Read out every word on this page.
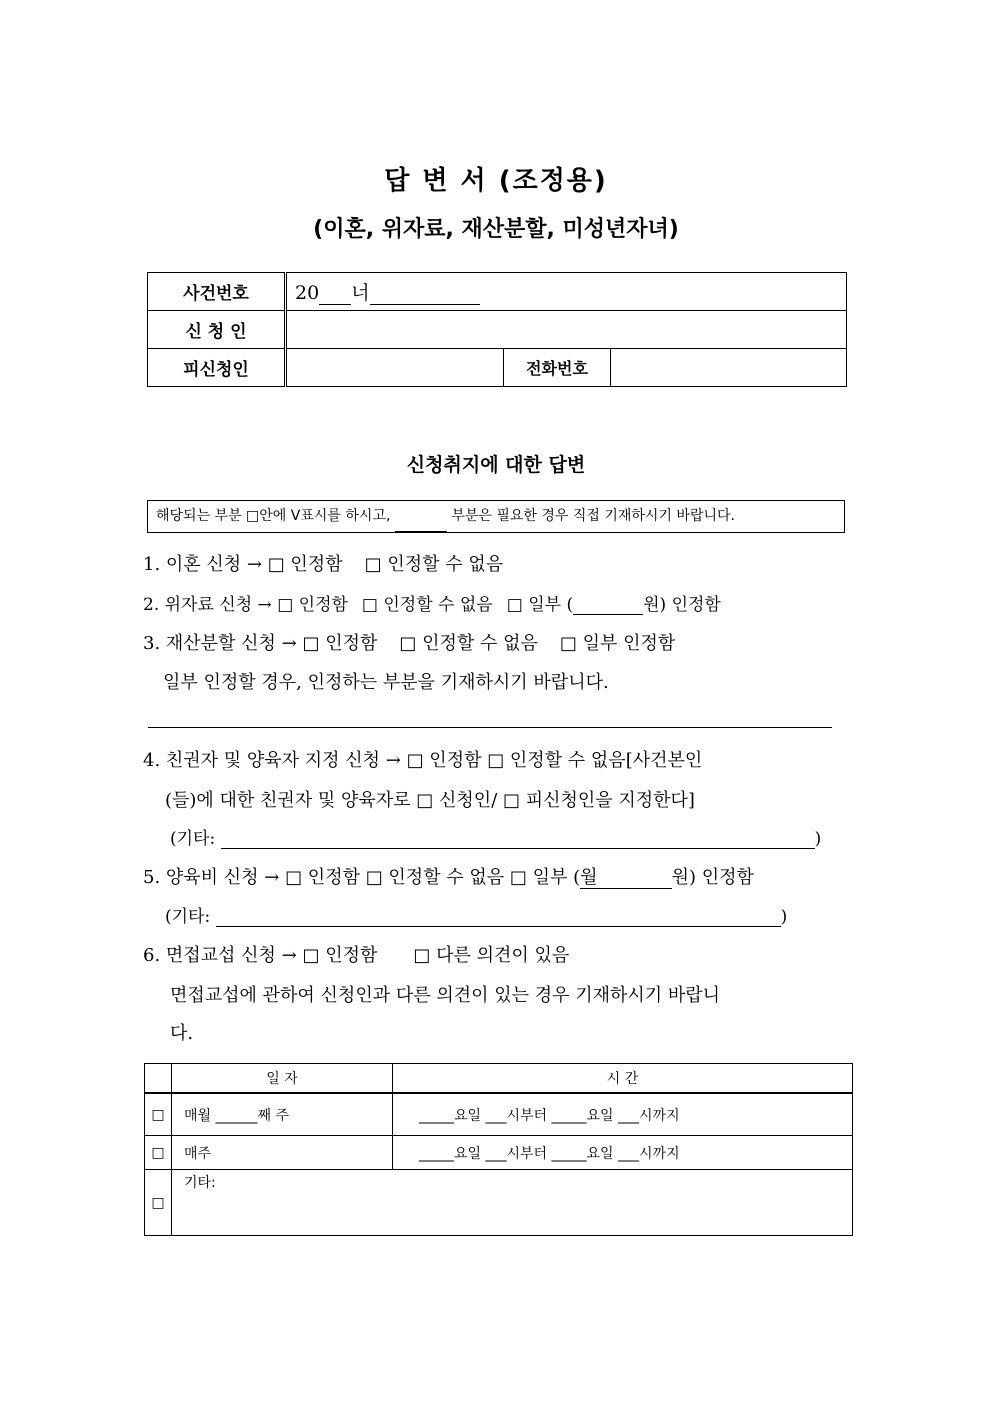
답 변 서 (조정용)
(이혼, 위자료, 재산분할, 미성년자녀)
사건번호	20 너		
신 청 인			
피신청인		전화번호	
신청취지에 대한 답변
해당되는 부분 □안에 V표시를 하시고,	부분은 필요한 경우 직접 기재하시기 바랍니다.
1. 이혼 신청 → □ 인정함 □ 인정할 수 없음
2. 위자료 신청 → □ 인정함 □ 인정할 수 없음 □ 일부 (	원) 인정함
3. 재산분할 신청 → □ 인정함 □ 인정할 수 없음 □ 일부 인정함
일부 인정할 경우, 인정하는 부분을 기재하시기 바랍니다.
4. 친권자 및 양육자 지정 신청 → □ 인정함 □ 인정할 수 없음[사건본인
(들)에 대한 친권자 및 양육자로 □ 신청인/ □ 피신청인을 지정한다]
(기타:	)
5. 양육비 신청 → □ 인정함 □ 인정할 수 없음 □ 일부 (월	원) 인정함
(기타:	)
6. 면접교섭 신청 → □ 인정함 □ 다른 의견이 있음
면접교섭에 관하여 신청인과 다른 의견이 있는 경우 기재하시기 바랍니
다.
	일 자	시 간
□	매월 ______째 주	_____요일 ___시부터 _____요일 ___시까지
□	매주	_____요일 ___시부터 _____요일 ___시까지
□	기타:	
